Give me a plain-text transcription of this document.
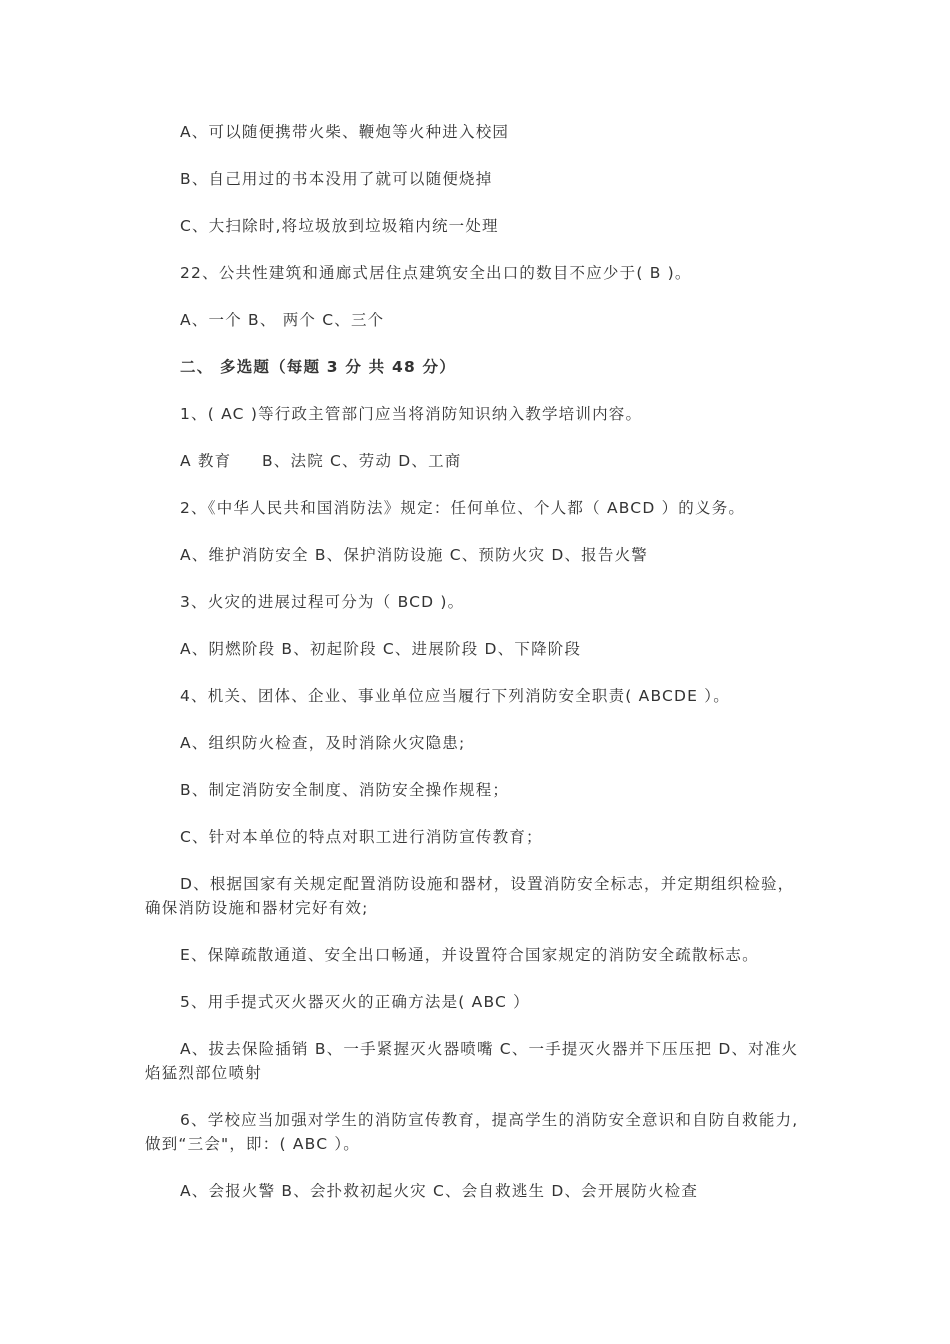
A、可以随便携带火柴、鞭炮等火种进入校园

B、自己用过的书本没用了就可以随便烧掉

C、大扫除时,将垃圾放到垃圾箱内统一处理

22、公共性建筑和通廊式居住点建筑安全出口的数目不应少于( B )。

A、一个 B、 两个 C、三个

二、 多选题（每题 3 分 共 48 分）

1、( AC )等行政主管部门应当将消防知识纳入教学培训内容。

A 教育     B、法院 C、劳动 D、工商

2、《中华人民共和国消防法》规定：任何单位、个人都（ ABCD ）的义务。

A、维护消防安全 B、保护消防设施 C、预防火灾 D、报告火警

3、火灾的进展过程可分为（ BCD )。

A、阴燃阶段 B、初起阶段 C、进展阶段 D、下降阶段

4、机关、团体、企业、事业单位应当履行下列消防安全职责( ABCDE ）。

A、组织防火检查，及时消除火灾隐患;

B、制定消防安全制度、消防安全操作规程；

C、针对本单位的特点对职工进行消防宣传教育；

D、根据国家有关规定配置消防设施和器材，设置消防安全标志，并定期组织检验，确保消防设施和器材完好有效;

E、保障疏散通道、安全出口畅通，并设置符合国家规定的消防安全疏散标志。

5、用手提式灭火器灭火的正确方法是( ABC ）

A、拔去保险插销 B、一手紧握灭火器喷嘴 C、一手提灭火器并下压压把 D、对准火焰猛烈部位喷射

6、学校应当加强对学生的消防宣传教育，提高学生的消防安全意识和自防自救能力,做到“三会"，即：( ABC ）。

A、会报火警 B、会扑救初起火灾 C、会自救逃生 D、会开展防火检查
